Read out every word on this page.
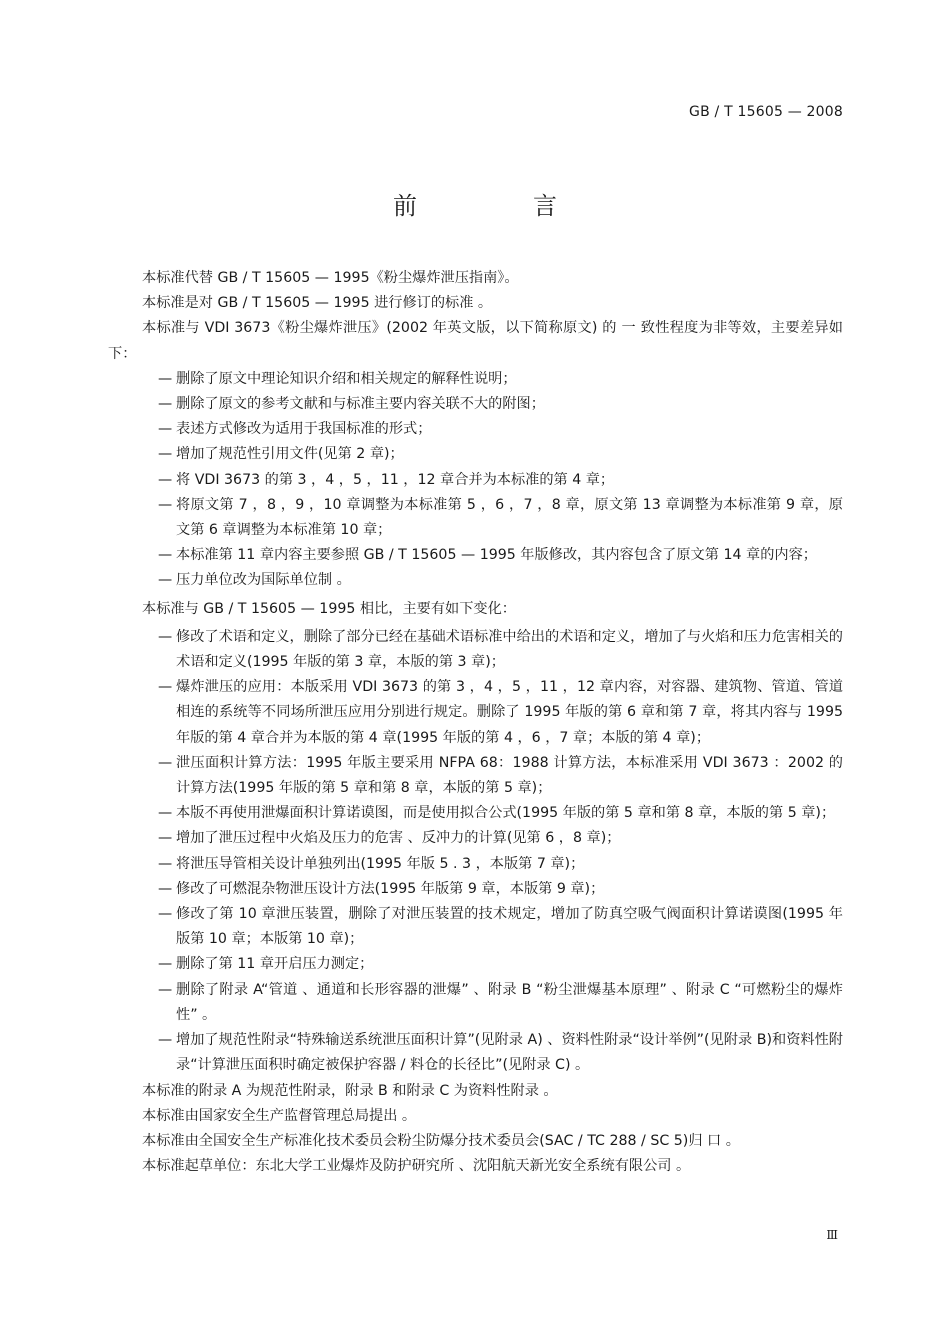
GB / T 15605 — 2008
前　言

本标准代替 GB / T 15605 — 1995《粉尘爆炸泄压指南》。

本标准是对 GB / T 15605 — 1995 进行修订的标准 。

本标准与 VDI 3673《粉尘爆炸泄压》(2002 年英文版，以下简称原文) 的 一 致性程度为非等效，主要差异如下：

— 删除了原文中理论知识介绍和相关规定的解释性说明；
— 删除了原文的参考文献和与标准主要内容关联不大的附图；
— 表述方式修改为适用于我国标准的形式；
— 增加了规范性引用文件(见第 2 章)；
— 将 VDI 3673 的第 3 ，4 ，5 ，11 ，12 章合并为本标准的第 4 章；
— 将原文第 7 ，8 ，9 ，10 章调整为本标准第 5 ，6 ，7 ，8 章，原文第 13 章调整为本标准第 9 章，原文第 6 章调整为本标准第 10 章；
— 本标准第 11 章内容主要参照 GB / T 15605 — 1995 年版修改，其内容包含了原文第 14 章的内容；
— 压力单位改为国际单位制 。

本标准与 GB / T 15605 — 1995 相比，主要有如下变化：

— 修改了术语和定义，删除了部分已经在基础术语标准中给出的术语和定义，增加了与火焰和压力危害相关的术语和定义(1995 年版的第 3 章，本版的第 3 章)；
— 爆炸泄压的应用：本版采用 VDI 3673 的第 3 ，4 ，5 ，11 ，12 章内容，对容器、建筑物、管道、管道相连的系统等不同场所泄压应用分别进行规定。删除了 1995 年版的第 6 章和第 7 章，将其内容与 1995 年版的第 4 章合并为本版的第 4 章(1995 年版的第 4 ，6 ，7 章；本版的第 4 章)；
— 泄压面积计算方法：1995 年版主要采用 NFPA 68：1988 计算方法，本标准采用 VDI 3673 ：2002 的计算方法(1995 年版的第 5 章和第 8 章，本版的第 5 章)；
— 本版不再使用泄爆面积计算诺谟图，而是使用拟合公式(1995 年版的第 5 章和第 8 章，本版的第 5 章)；
— 增加了泄压过程中火焰及压力的危害 、反冲力的计算(见第 6 ，8 章)；
— 将泄压导管相关设计单独列出(1995 年版 5 . 3 ，本版第 7 章)；
— 修改了可燃混杂物泄压设计方法(1995 年版第 9 章，本版第 9 章)；
— 修改了第 10 章泄压装置，删除了对泄压装置的技术规定，增加了防真空吸气阀面积计算诺谟图(1995 年版第 10 章；本版第 10 章)；
— 删除了第 11 章开启压力测定；
— 删除了附录 A“管道 、通道和长形容器的泄爆” 、附录 B “粉尘泄爆基本原理” 、附录 C “可燃粉尘的爆炸性” 。
— 增加了规范性附录“特殊输送系统泄压面积计算”(见附录 A) 、资料性附录“设计举例”(见附录 B)和资料性附录“计算泄压面积时确定被保护容器 / 料仓的长径比”(见附录 C) 。

本标准的附录 A 为规范性附录，附录 B 和附录 C 为资料性附录 。

本标准由国家安全生产监督管理总局提出 。

本标准由全国安全生产标准化技术委员会粉尘防爆分技术委员会(SAC / TC 288 / SC 5)归 口 。

本标准起草单位：东北大学工业爆炸及防护研究所 、沈阳航天新光安全系统有限公司 。

Ⅲ
